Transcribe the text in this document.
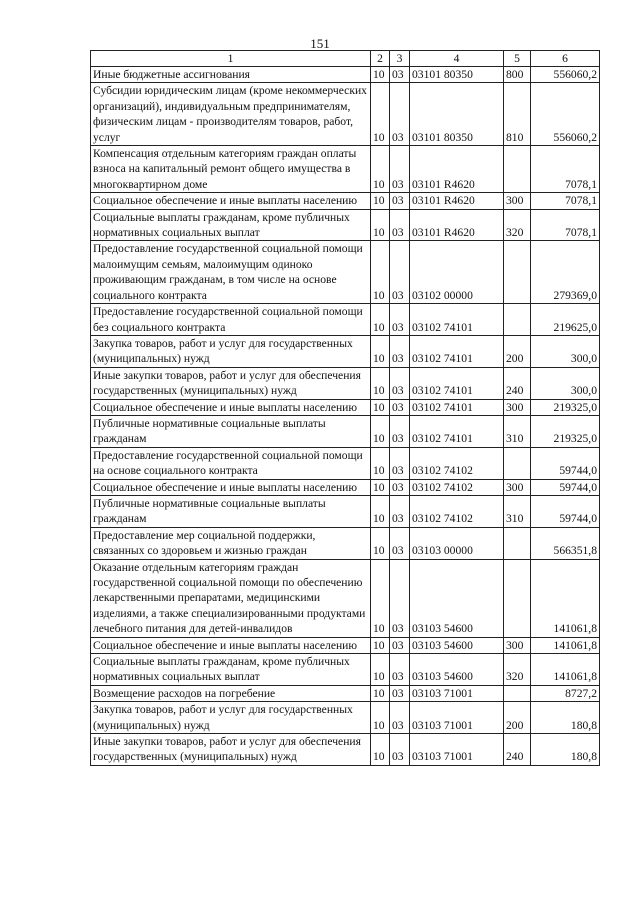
151
1	2	3	4	5	6
Иные бюджетные ассигнования	10	03	03101 80350	800	556060,2
Субсидии юридическим лицам (кроме некоммерческих организаций), индивидуальным предпринимателям, физическим лицам - производителям товаров, работ, услуг	10	03	03101 80350	810	556060,2
Компенсация отдельным категориям граждан оплаты взноса на капитальный ремонт общего имущества в многоквартирном доме	10	03	03101 R4620		7078,1
Социальное обеспечение и иные выплаты населению	10	03	03101 R4620	300	7078,1
Социальные выплаты гражданам, кроме публичных нормативных социальных выплат	10	03	03101 R4620	320	7078,1
Предоставление государственной социальной помощи малоимущим семьям, малоимущим одиноко проживающим гражданам, в том числе на основе социального контракта	10	03	03102 00000		279369,0
Предоставление государственной социальной помощи без социального контракта	10	03	03102 74101		219625,0
Закупка товаров, работ и услуг для государственных (муниципальных) нужд	10	03	03102 74101	200	300,0
Иные закупки товаров, работ и услуг для обеспечения государственных (муниципальных) нужд	10	03	03102 74101	240	300,0
Социальное обеспечение и иные выплаты населению	10	03	03102 74101	300	219325,0
Публичные нормативные социальные выплаты гражданам	10	03	03102 74101	310	219325,0
Предоставление государственной социальной помощи на основе социального контракта	10	03	03102 74102		59744,0
Социальное обеспечение и иные выплаты населению	10	03	03102 74102	300	59744,0
Публичные нормативные социальные выплаты гражданам	10	03	03102 74102	310	59744,0
Предоставление мер социальной поддержки, связанных со здоровьем и жизнью граждан	10	03	03103 00000		566351,8
Оказание отдельным категориям граждан государственной социальной помощи по обеспечению лекарственными препаратами, медицинскими изделиями, а также специализированными продуктами лечебного питания для детей-инвалидов	10	03	03103 54600		141061,8
Социальное обеспечение и иные выплаты населению	10	03	03103 54600	300	141061,8
Социальные выплаты гражданам, кроме публичных нормативных социальных выплат	10	03	03103 54600	320	141061,8
Возмещение расходов на погребение	10	03	03103 71001		8727,2
Закупка товаров, работ и услуг для государственных (муниципальных) нужд	10	03	03103 71001	200	180,8
Иные закупки товаров, работ и услуг для обеспечения государственных (муниципальных) нужд	10	03	03103 71001	240	180,8
